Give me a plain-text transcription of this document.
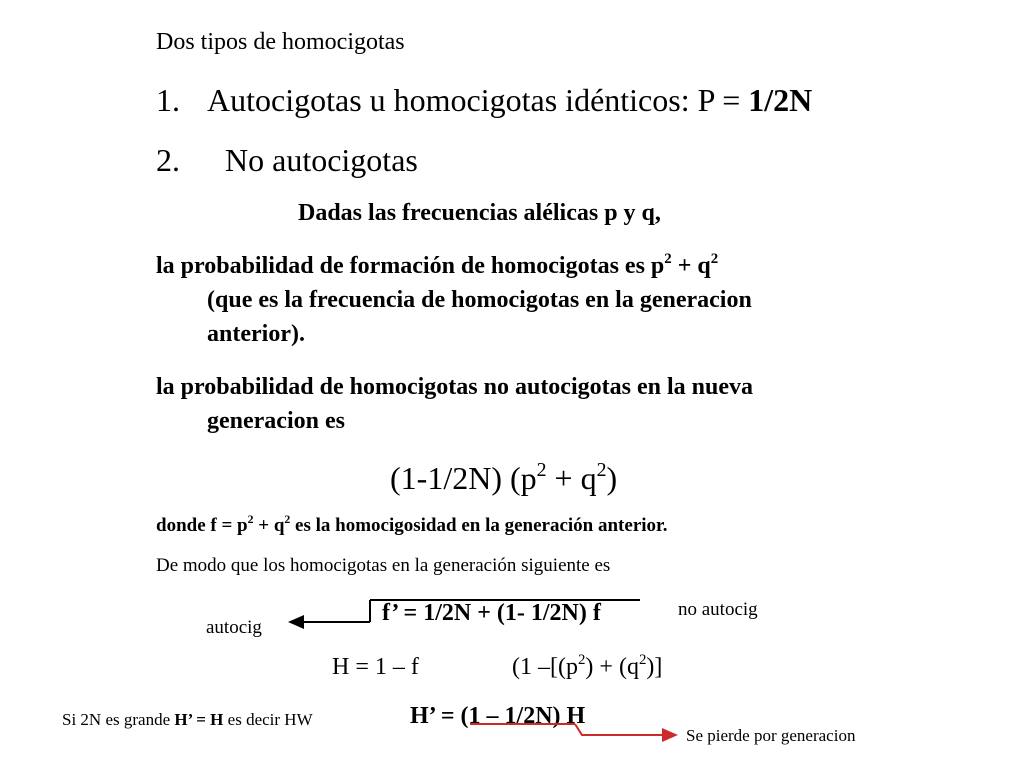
Dos tipos de homocigotas
1. Autocigotas u homocigotas idénticos: P = 1/2N
2. No autocigotas
Dadas las frecuencias alélicas p y q,
la probabilidad de formación de homocigotas es $p^2 + q^2$
(que es la frecuencia de homocigotas en la generacion
anterior).
la probabilidad de homocigotas no autocigotas en la nueva
generacion es
(1-1/2N) $(p^2 + q^2)$
donde $f = p^2 + q^2$ es la homocigosidad en la generación anterior.
De modo que los homocigotas en la generación siguiente es
f’ = 1/2N + (1- 1/2N) f	no autocig
autocig
H = 1 – f	(1 $-[(p^2) + (q^2)]$
Si 2N es grande H’ = H es decir HW	H’ = (1 – 1/2N) H
Se pierde por generacion
